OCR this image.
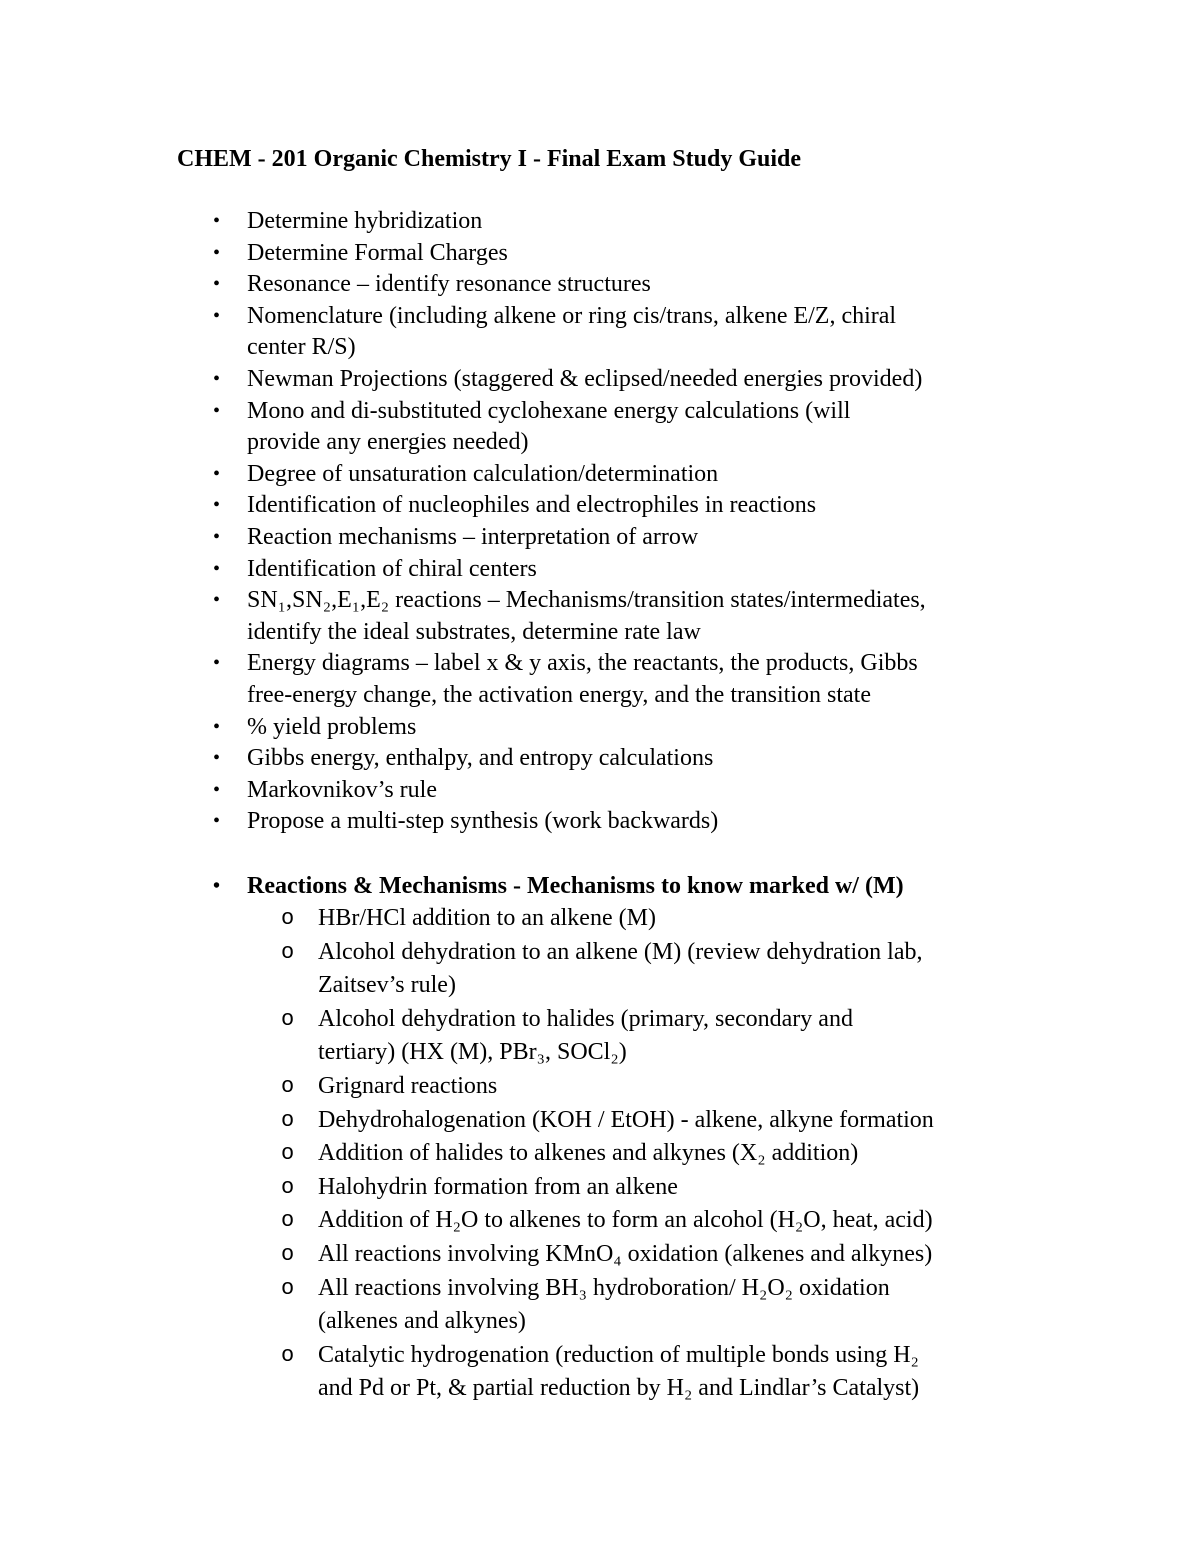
CHEM - 201 Organic Chemistry I - Final Exam Study Guide
• Determine hybridization
• Determine Formal Charges
• Resonance – identify resonance structures
• Nomenclature (including alkene or ring cis/trans, alkene E/Z, chiral
center R/S)
• Newman Projections (staggered & eclipsed/needed energies provided)
• Mono and di-substituted cyclohexane energy calculations (will
provide any energies needed)
• Degree of unsaturation calculation/determination
• Identification of nucleophiles and electrophiles in reactions
• Reaction mechanisms – interpretation of arrow
• Identification of chiral centers
• SN₁,SN₂,E₁,E₂ reactions – Mechanisms/transition states/intermediates,
identify the ideal substrates, determine rate law
• Energy diagrams – label x & y axis, the reactants, the products, Gibbs
free-energy change, the activation energy, and the transition state
• % yield problems
• Gibbs energy, enthalpy, and entropy calculations
• Markovnikov’s rule
• Propose a multi-step synthesis (work backwards)
• Reactions & Mechanisms - Mechanisms to know marked w/ (M)
o HBr/HCl addition to an alkene (M)
o Alcohol dehydration to an alkene (M) (review dehydration lab,
Zaitsev’s rule)
o Alcohol dehydration to halides (primary, secondary and
tertiary) (HX (M), PBr₃, SOCl₂)
o Grignard reactions
o Dehydrohalogenation (KOH / EtOH) - alkene, alkyne formation
o Addition of halides to alkenes and alkynes (X₂ addition)
o Halohydrin formation from an alkene
o Addition of H₂O to alkenes to form an alcohol (H₂O, heat, acid)
o All reactions involving KMnO₄ oxidation (alkenes and alkynes)
o All reactions involving BH₃ hydroboration/ H₂O₂ oxidation
(alkenes and alkynes)
o Catalytic hydrogenation (reduction of multiple bonds using H₂
and Pd or Pt, & partial reduction by H₂ and Lindlar’s Catalyst)
